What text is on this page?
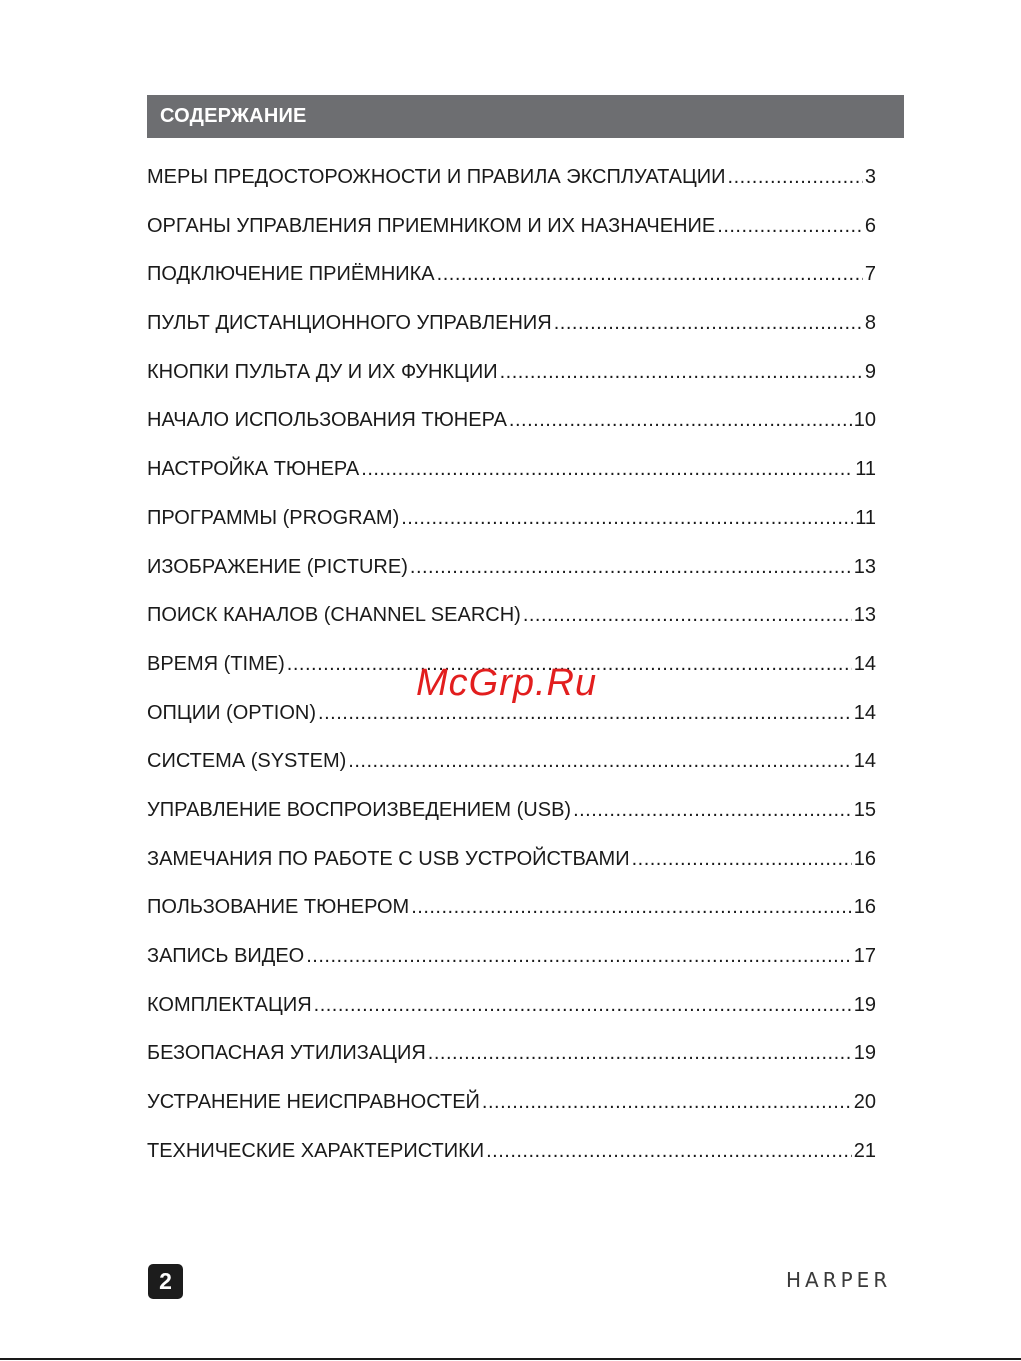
СОДЕРЖАНИЕ
МЕРЫ ПРЕДОСТОРОЖНОСТИ И ПРАВИЛА ЭКСПЛУАТАЦИИ .....	3
ОРГАНЫ УПРАВЛЕНИЯ ПРИЕМНИКОМ И ИХ НАЗНАЧЕНИЕ .....	6
ПОДКЛЮЧЕНИЕ ПРИЁМНИКА .....	7
ПУЛЬТ ДИСТАНЦИОННОГО УПРАВЛЕНИЯ .....	8
КНОПКИ ПУЛЬТА ДУ И ИХ ФУНКЦИИ .....	9
НАЧАЛО ИСПОЛЬЗОВАНИЯ ТЮНЕРА .....	10
НАСТРОЙКА ТЮНЕРА .....	11
ПРОГРАММЫ (PROGRAM) .....	11
ИЗОБРАЖЕНИЕ (PICTURE) .....	13
ПОИСК КАНАЛОВ (CHANNEL SEARCH) .....	13
ВРЕМЯ (TIME) .....	14
ОПЦИИ (OPTION) .....	14
СИСТЕМА (SYSTEM) .....	14
УПРАВЛЕНИЕ ВОСПРОИЗВЕДЕНИЕМ (USB) .....	15
ЗАМЕЧАНИЯ ПО РАБОТЕ С USB УСТРОЙСТВАМИ .....	16
ПОЛЬЗОВАНИЕ ТЮНЕРОМ .....	16
ЗАПИСЬ ВИДЕО .....	17
КОМПЛЕКТАЦИЯ .....	19
БЕЗОПАСНАЯ УТИЛИЗАЦИЯ .....	19
УСТРАНЕНИЕ НЕИСПРАВНОСТЕЙ .....	20
ТЕХНИЧЕСКИЕ ХАРАКТЕРИСТИКИ .....	21
McGrp.Ru
2	HARPER
